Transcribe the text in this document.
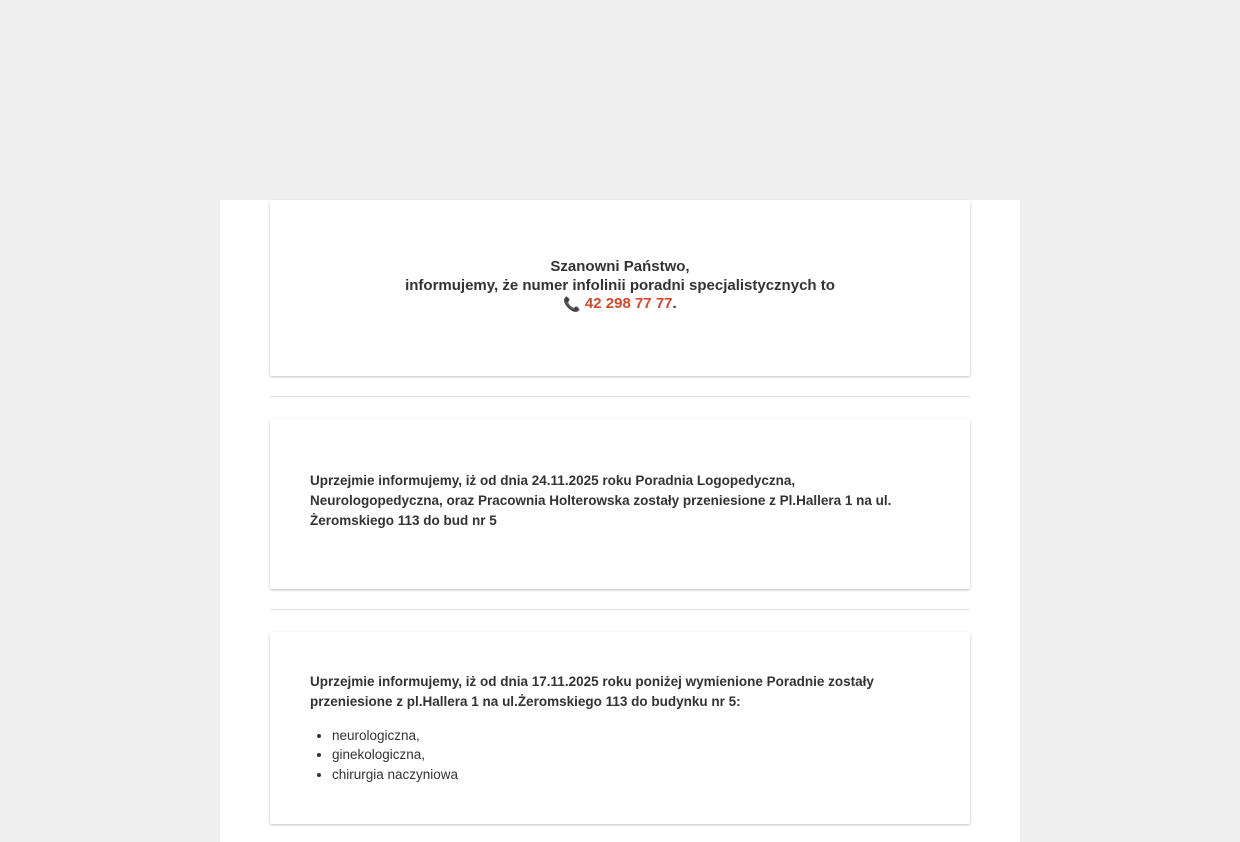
Szanowni Państwo,
informujemy, że numer infolinii poradni specjalistycznych to
📞 42 298 77 77.

Uprzejmie informujemy, iż od dnia 24.11.2025 roku Poradnia Logopedyczna, Neurologopedyczna, oraz Pracownia Holterowska zostały przeniesione z Pl.Hallera 1 na ul. Żeromskiego 113 do bud nr 5

Uprzejmie informujemy, iż od dnia 17.11.2025 roku poniżej wymienione Poradnie zostały przeniesione z pl.Hallera 1 na ul.Żeromskiego 113 do budynku nr 5:

• neurologiczna,
• ginekologiczna,
• chirurgia naczyniowa
